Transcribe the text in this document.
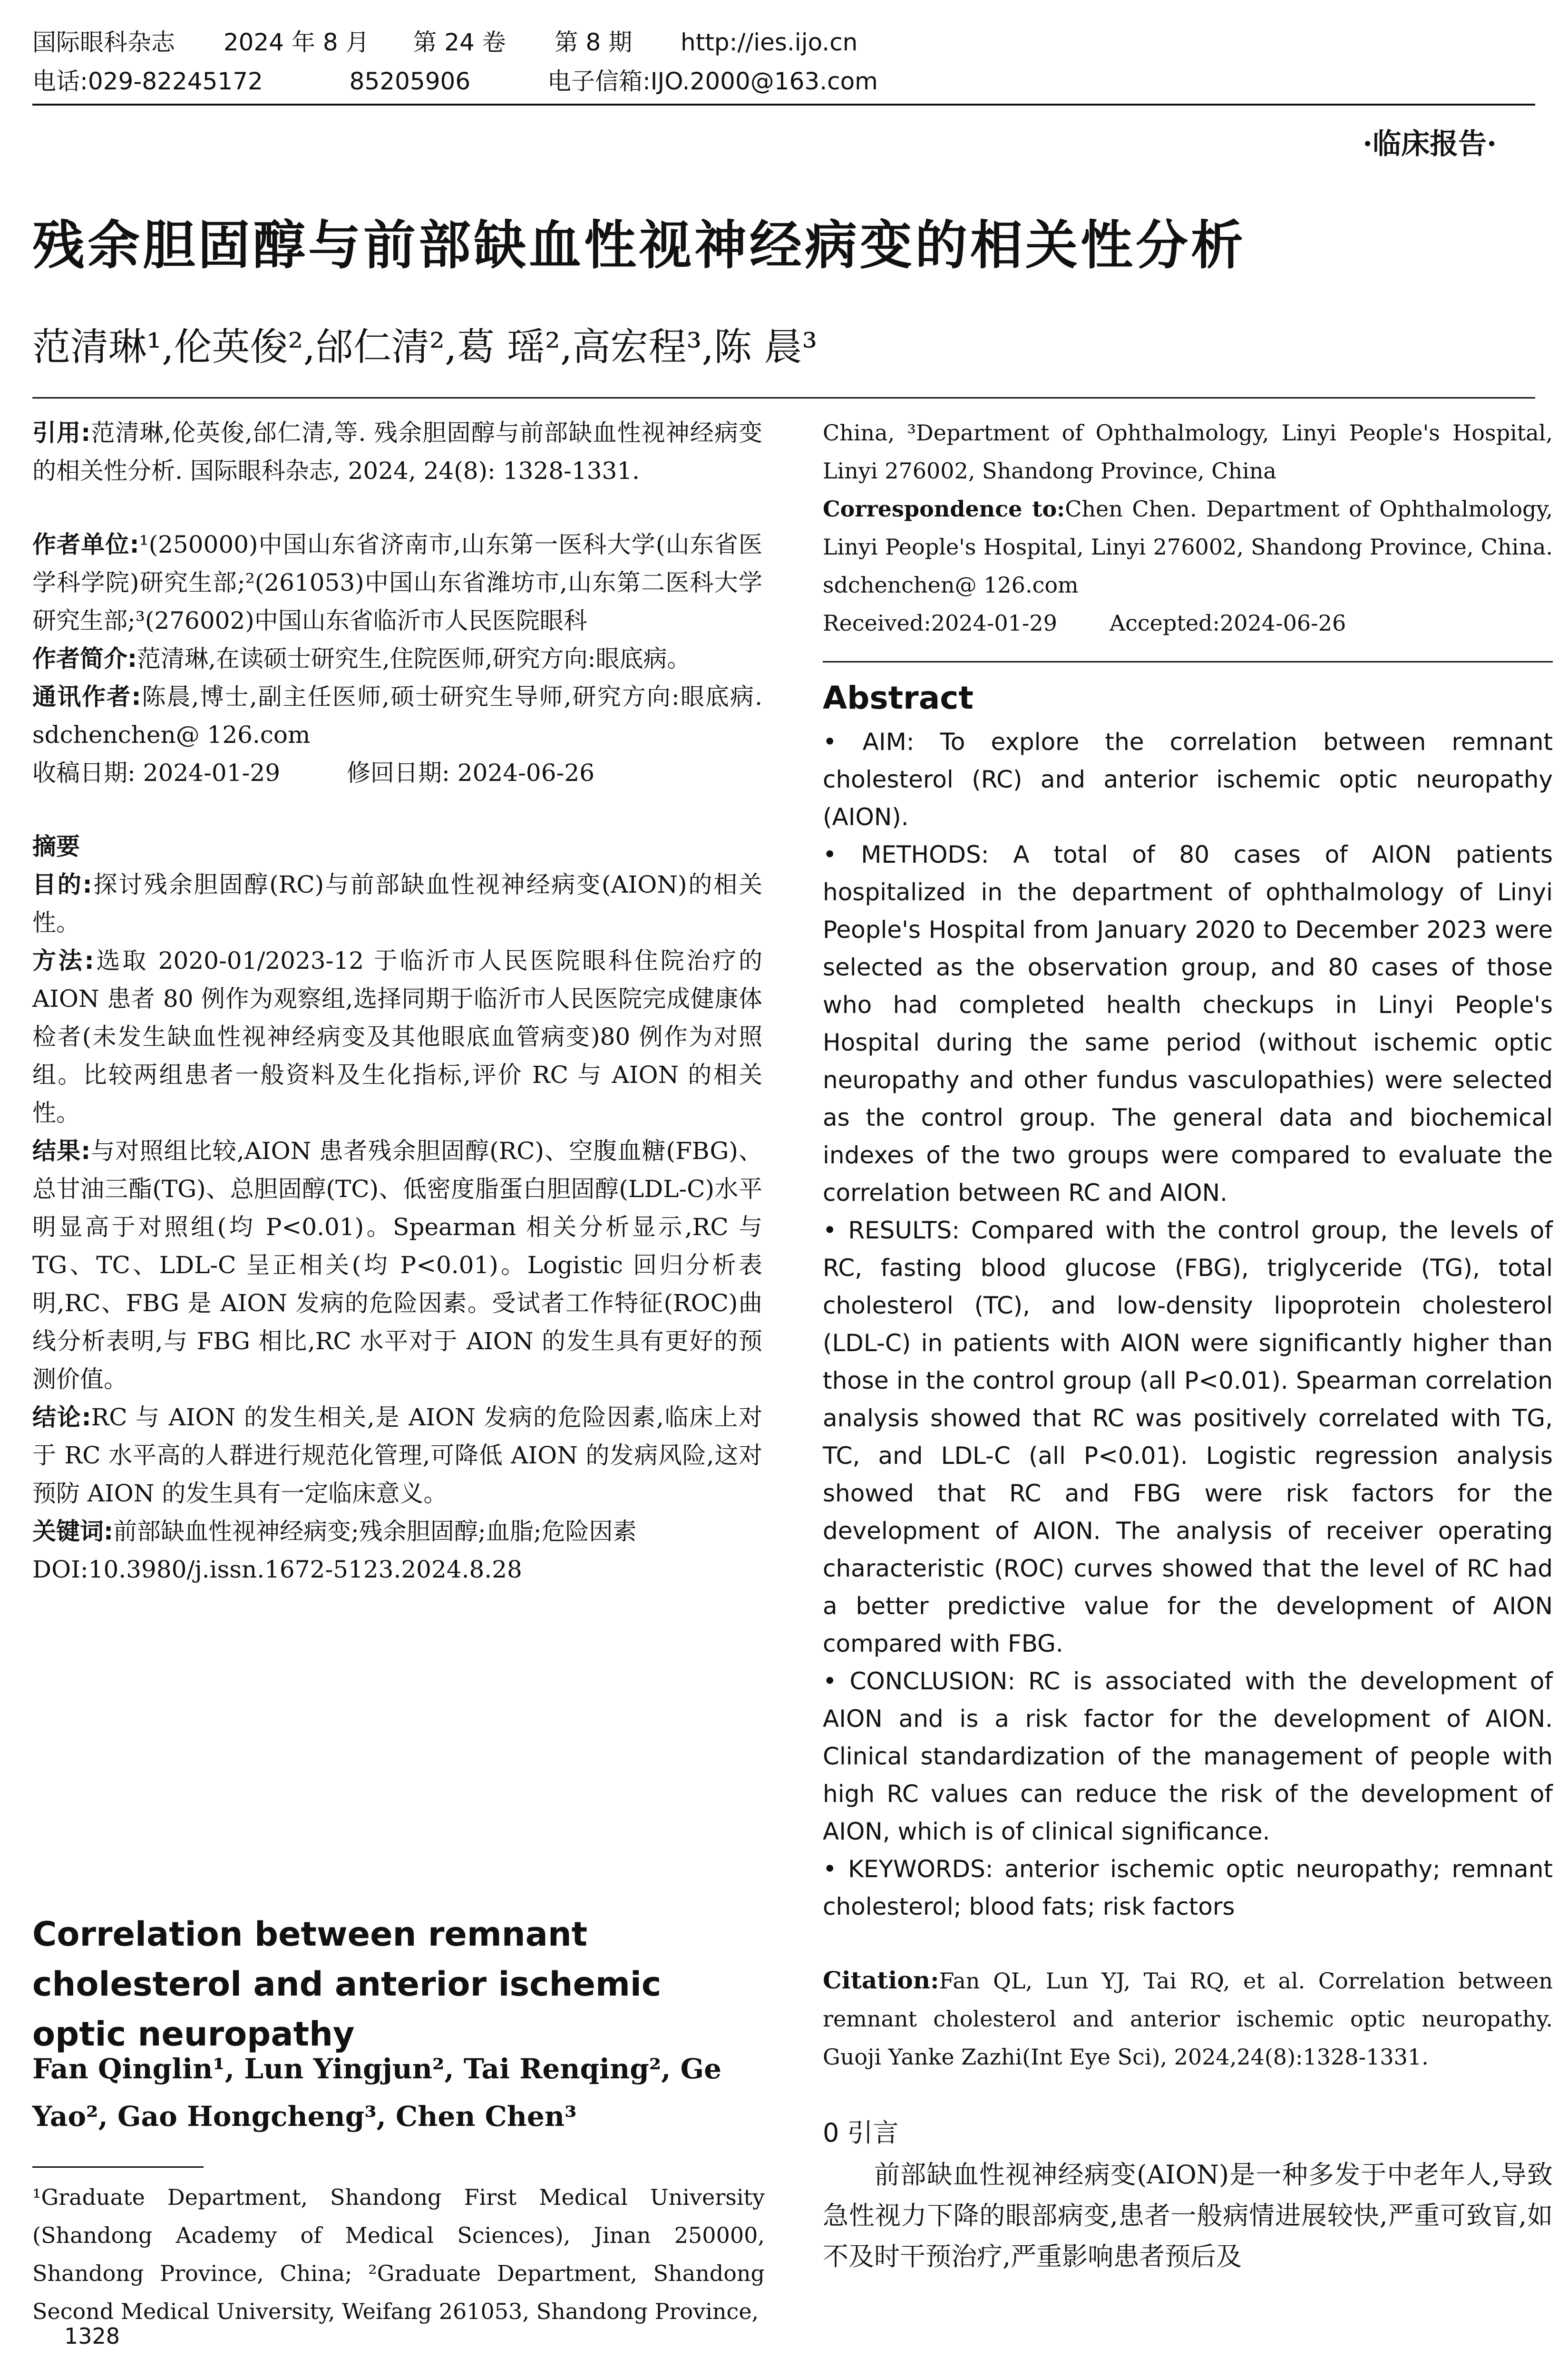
国际眼科杂志 2024 年 8 月 第 24 卷 第 8 期 http://ies.ijo.cn
电话:029-82245172	85205906	电子信箱:IJO.2000@163.com
·临床报告·
残余胆固醇与前部缺血性视神经病变的相关性分析
范清琳¹,伦英俊²,邰仁清²,葛 瑶²,高宏程³,陈 晨³

引用:范清琳,伦英俊,邰仁清,等. 残余胆固醇与前部缺血性视神经病变的相关性分析. 国际眼科杂志, 2024, 24(8): 1328-1331.

作者单位:¹(250000)中国山东省济南市,山东第一医科大学(山东省医学科学院)研究生部;²(261053)中国山东省潍坊市,山东第二医科大学研究生部;³(276002)中国山东省临沂市人民医院眼科

作者简介:范清琳,在读硕士研究生,住院医师,研究方向:眼底病。

通讯作者:陈晨,博士,副主任医师,硕士研究生导师,研究方向:眼底病. sdchenchen@ 126.com

收稿日期: 2024-01-29	修回日期: 2024-06-26

摘要

目的:探讨残余胆固醇(RC)与前部缺血性视神经病变(AION)的相关性。

方法:选取 2020-01/2023-12 于临沂市人民医院眼科住院治疗的 AION 患者 80 例作为观察组,选择同期于临沂市人民医院完成健康体检者(未发生缺血性视神经病变及其他眼底血管病变)80 例作为对照组。比较两组患者一般资料及生化指标,评价 RC 与 AION 的相关性。

结果:与对照组比较,AION 患者残余胆固醇(RC)、空腹血糖(FBG)、总甘油三酯(TG)、总胆固醇(TC)、低密度脂蛋白胆固醇(LDL-C)水平明显高于对照组(均 P<0.01)。Spearman 相关分析显示,RC 与 TG、TC、LDL-C 呈正相关(均 P<0.01)。Logistic 回归分析表明,RC、FBG 是 AION 发病的危险因素。受试者工作特征(ROC)曲线分析表明,与 FBG 相比,RC 水平对于 AION 的发生具有更好的预测价值。

结论:RC 与 AION 的发生相关,是 AION 发病的危险因素,临床上对于 RC 水平高的人群进行规范化管理,可降低 AION 的发病风险,这对预防 AION 的发生具有一定临床意义。

关键词:前部缺血性视神经病变;残余胆固醇;血脂;危险因素

DOI:10.3980/j.issn.1672-5123.2024.8.28

Correlation between remnant cholesterol and anterior ischemic optic neuropathy
Fan Qinglin¹, Lun Yingjun², Tai Renqing², Ge Yao², Gao Hongcheng³, Chen Chen³
¹Graduate Department, Shandong First Medical University (Shandong Academy of Medical Sciences), Jinan 250000, Shandong Province, China; ²Graduate Department, Shandong Second Medical University, Weifang 261053, Shandong Province,

China, ³Department of Ophthalmology, Linyi People's Hospital, Linyi 276002, Shandong Province, China

Correspondence to:Chen Chen. Department of Ophthalmology, Linyi People's Hospital, Linyi 276002, Shandong Province, China. sdchenchen@ 126.com

Received:2024-01-29 Accepted:2024-06-26

Abstract

• AIM: To explore the correlation between remnant cholesterol (RC) and anterior ischemic optic neuropathy (AION).

• METHODS: A total of 80 cases of AION patients hospitalized in the department of ophthalmology of Linyi People's Hospital from January 2020 to December 2023 were selected as the observation group, and 80 cases of those who had completed health checkups in Linyi People's Hospital during the same period (without ischemic optic neuropathy and other fundus vasculopathies) were selected as the control group. The general data and biochemical indexes of the two groups were compared to evaluate the correlation between RC and AION.

• RESULTS: Compared with the control group, the levels of RC, fasting blood glucose (FBG), triglyceride (TG), total cholesterol (TC), and low-density lipoprotein cholesterol (LDL-C) in patients with AION were significantly higher than those in the control group (all P<0.01). Spearman correlation analysis showed that RC was positively correlated with TG, TC, and LDL-C (all P<0.01). Logistic regression analysis showed that RC and FBG were risk factors for the development of AION. The analysis of receiver operating characteristic (ROC) curves showed that the level of RC had a better predictive value for the development of AION compared with FBG.

• CONCLUSION: RC is associated with the development of AION and is a risk factor for the development of AION. Clinical standardization of the management of people with high RC values can reduce the risk of the development of AION, which is of clinical significance.

• KEYWORDS: anterior ischemic optic neuropathy; remnant cholesterol; blood fats; risk factors

Citation:Fan QL, Lun YJ, Tai RQ, et al. Correlation between remnant cholesterol and anterior ischemic optic neuropathy. Guoji Yanke Zazhi(Int Eye Sci), 2024,24(8):1328-1331.

0 引言

前部缺血性视神经病变(AION)是一种多发于中老年人,导致急性视力下降的眼部病变,患者一般病情进展较快,严重可致盲,如不及时干预治疗,严重影响患者预后及

1328
